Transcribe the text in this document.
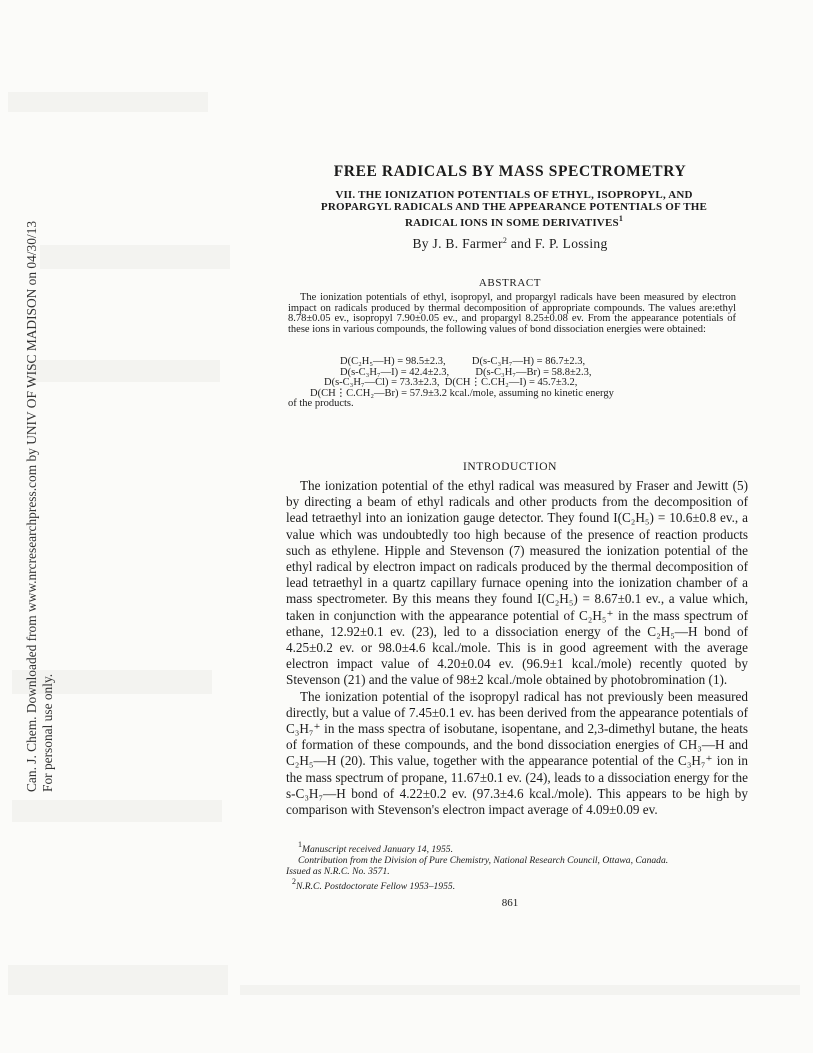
Can. J. Chem. Downloaded from www.nrcresearchpress.com by UNIV OF WISC MADISON on 04/30/13 For personal use only.
FREE RADICALS BY MASS SPECTROMETRY
VII. THE IONIZATION POTENTIALS OF ETHYL, ISOPROPYL, AND
PROPARGYL RADICALS AND THE APPEARANCE POTENTIALS OF THE
RADICAL IONS IN SOME DERIVATIVES$^1$
By J. B. Farmer$^2$ and F. P. Lossing
ABSTRACT

The ionization potentials of ethyl, isopropyl, and propargyl radicals have been measured by electron impact on radicals produced by thermal decomposition of appropriate compounds. The values are:ethyl 8.78±0.05 ev., isopropyl 7.90±0.05 ev., and propargyl 8.25±0.08 ev. From the appearance potentials of these ions in various compounds, the following values of bond dissociation energies were obtained:

D(C₂H₅—H) = 98.5±2.3,          D(s-C₃H₇—H) = 86.7±2.3,
D(s-C₃H₇—I) = 42.4±2.3,          D(s-C₃H₇—Br) = 58.8±2.3,
D(s-C₃H₇—Cl) = 73.3±2.3,  D(CH⋮C.CH₂—I) = 45.7±3.2,
D(CH⋮C.CH₂—Br) = 57.9±3.2 kcal./mole, assuming no kinetic energy
of the products.
INTRODUCTION

The ionization potential of the ethyl radical was measured by Fraser and Jewitt (5) by directing a beam of ethyl radicals and other products from the decomposition of lead tetraethyl into an ionization gauge detector. They found I(C₂H₅) = 10.6±0.8 ev., a value which was undoubtedly too high because of the presence of reaction products such as ethylene. Hipple and Stevenson (7) measured the ionization potential of the ethyl radical by electron impact on radicals produced by the thermal decomposition of lead tetraethyl in a quartz capillary furnace opening into the ionization chamber of a mass spectrometer. By this means they found I(C₂H₅) = 8.67±0.1 ev., a value which, taken in conjunction with the appearance potential of C₂H₅⁺ in the mass spectrum of ethane, 12.92±0.1 ev. (23), led to a dissociation energy of the C₂H₅—H bond of 4.25±0.2 ev. or 98.0±4.6 kcal./mole. This is in good agreement with the average electron impact value of 4.20±0.04 ev. (96.9±1 kcal./mole) recently quoted by Stevenson (21) and the value of 98±2 kcal./mole obtained by photobromination (1).

The ionization potential of the isopropyl radical has not previously been measured directly, but a value of 7.45±0.1 ev. has been derived from the appearance potentials of C₃H₇⁺ in the mass spectra of isobutane, isopentane, and 2,3-dimethyl butane, the heats of formation of these compounds, and the bond dissociation energies of CH₃—H and C₂H₅—H (20). This value, together with the appearance potential of the C₃H₇⁺ ion in the mass spectrum of propane, 11.67±0.1 ev. (24), leads to a dissociation energy for the s-C₃H₇—H bond of 4.22±0.2 ev. (97.3±4.6 kcal./mole). This appears to be high by comparison with Stevenson's electron impact average of 4.09±0.09 ev.

$^1$Manuscript received January 14, 1955.

Contribution from the Division of Pure Chemistry, National Research Council, Ottawa, Canada.

Issued as N.R.C. No. 3571.

$^2$N.R.C. Postdoctorate Fellow 1953–1955.

861
